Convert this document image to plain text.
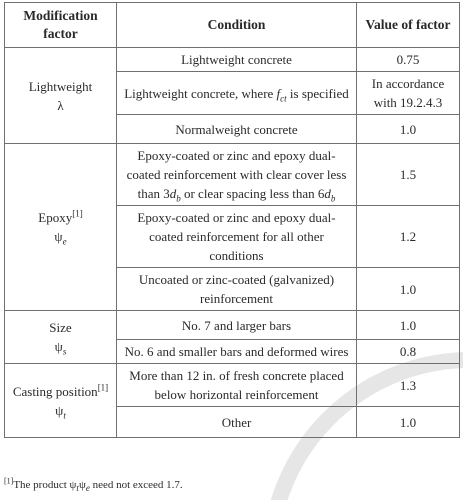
Modification factor	Condition	Value of factor

Lightweight
λ	Lightweight concrete	0.75
	Lightweight concrete, where $f_{ct}$ is specified	In accordance with 19.2.4.3
	Normalweight concrete	1.0

Epoxy[1]
$\psi_e$	Epoxy-coated or zinc and epoxy dual-coated reinforcement with clear cover less than $3d_b$ or clear spacing less than $6d_b$	1.5
	Epoxy-coated or zinc and epoxy dual-coated reinforcement for all other conditions	1.2
	Uncoated or zinc-coated (galvanized) reinforcement	1.0

Size
$\psi_s$	No. 7 and larger bars	1.0
	No. 6 and smaller bars and deformed wires	0.8

Casting position[1]
$\psi_t$	More than 12 in. of fresh concrete placed below horizontal reinforcement	1.3
	Other	1.0
[1]The product $\psi_t\psi_e$ need not exceed 1.7.
